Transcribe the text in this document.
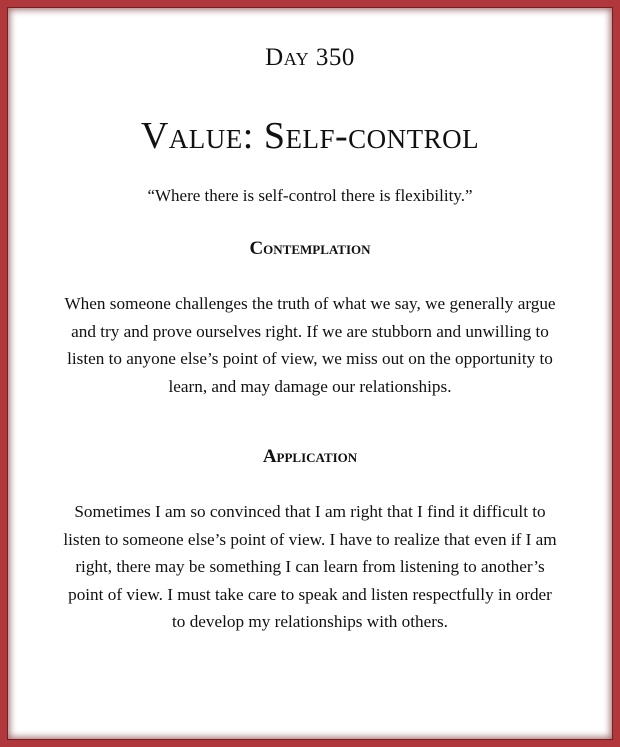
Day 350
Value: Self-control
“Where there is self-control there is flexibility.”
Contemplation
When someone challenges the truth of what we say, we generally argue and try and prove ourselves right. If we are stubborn and unwilling to listen to anyone else’s point of view, we miss out on the opportunity to learn, and may damage our relationships.
Application
Sometimes I am so convinced that I am right that I find it difficult to listen to someone else’s point of view. I have to realize that even if I am right, there may be something I can learn from listening to another’s point of view. I must take care to speak and listen respectfully in order to develop my relationships with others.
